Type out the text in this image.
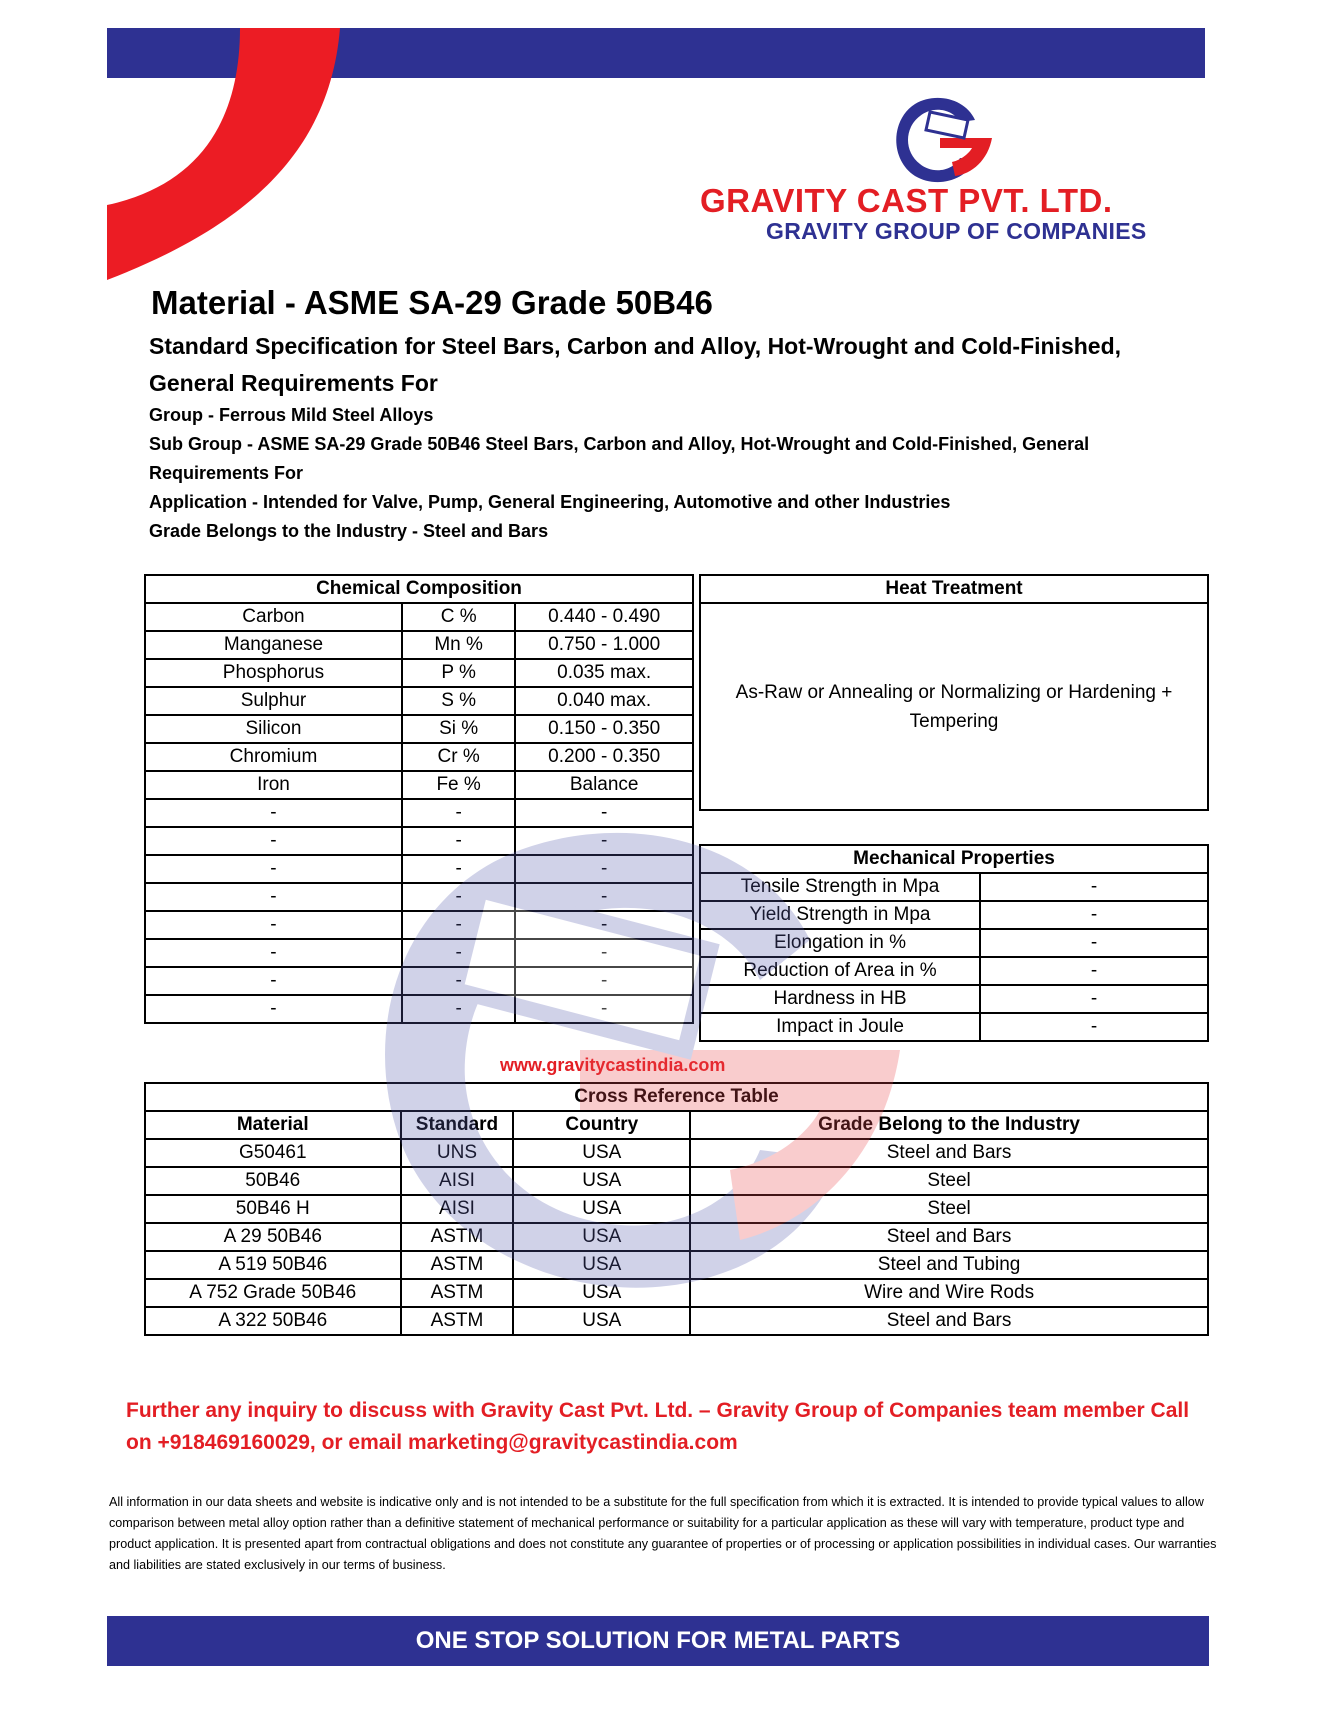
GRAVITY CAST PVT. LTD.
GRAVITY GROUP OF COMPANIES
Material - ASME SA-29 Grade 50B46
Standard Specification for Steel Bars, Carbon and Alloy, Hot-Wrought and Cold-Finished, General Requirements For
Group - Ferrous Mild Steel Alloys
Sub Group - ASME SA-29 Grade 50B46 Steel Bars, Carbon and Alloy, Hot-Wrought and Cold-Finished, General Requirements For
Application - Intended for Valve, Pump, General Engineering, Automotive and other Industries
Grade Belongs to the Industry - Steel and Bars
Chemical Composition		
Carbon	C %	0.440 - 0.490
Manganese	Mn %	0.750 - 1.000
Phosphorus	P %	0.035 max.
Sulphur	S %	0.040 max.
Silicon	Si %	0.150 - 0.350
Chromium	Cr %	0.200 - 0.350
Iron	Fe %	Balance
-	-	-
-	-	-
-	-	-
-	-	-
-	-	-
-	-	-
-	-	-
-	-	-
Heat Treatment
As-Raw or Annealing or Normalizing or Hardening + Tempering
Mechanical Properties	
Tensile Strength in Mpa	-
Yield Strength in Mpa	-
Elongation in %	-
Reduction of Area in %	-
Hardness in HB	-
Impact in Joule	-
www.gravitycastindia.com
Cross Reference Table			
Material	Standard	Country	Grade Belong to the Industry
G50461	UNS	USA	Steel and Bars
50B46	AISI	USA	Steel
50B46 H	AISI	USA	Steel
A 29 50B46	ASTM	USA	Steel and Bars
A 519 50B46	ASTM	USA	Steel and Tubing
A 752 Grade 50B46	ASTM	USA	Wire and Wire Rods
A 322 50B46	ASTM	USA	Steel and Bars
Further any inquiry to discuss with Gravity Cast Pvt. Ltd. – Gravity Group of Companies team member Call on +918469160029, or email marketing@gravitycastindia.com
All information in our data sheets and website is indicative only and is not intended to be a substitute for the full specification from which it is extracted. It is intended to provide typical values to allow comparison between metal alloy option rather than a definitive statement of mechanical performance or suitability for a particular application as these will vary with temperature, product type and product application. It is presented apart from contractual obligations and does not constitute any guarantee of properties or of processing or application possibilities in individual cases. Our warranties and liabilities are stated exclusively in our terms of business.
ONE STOP SOLUTION FOR METAL PARTS
